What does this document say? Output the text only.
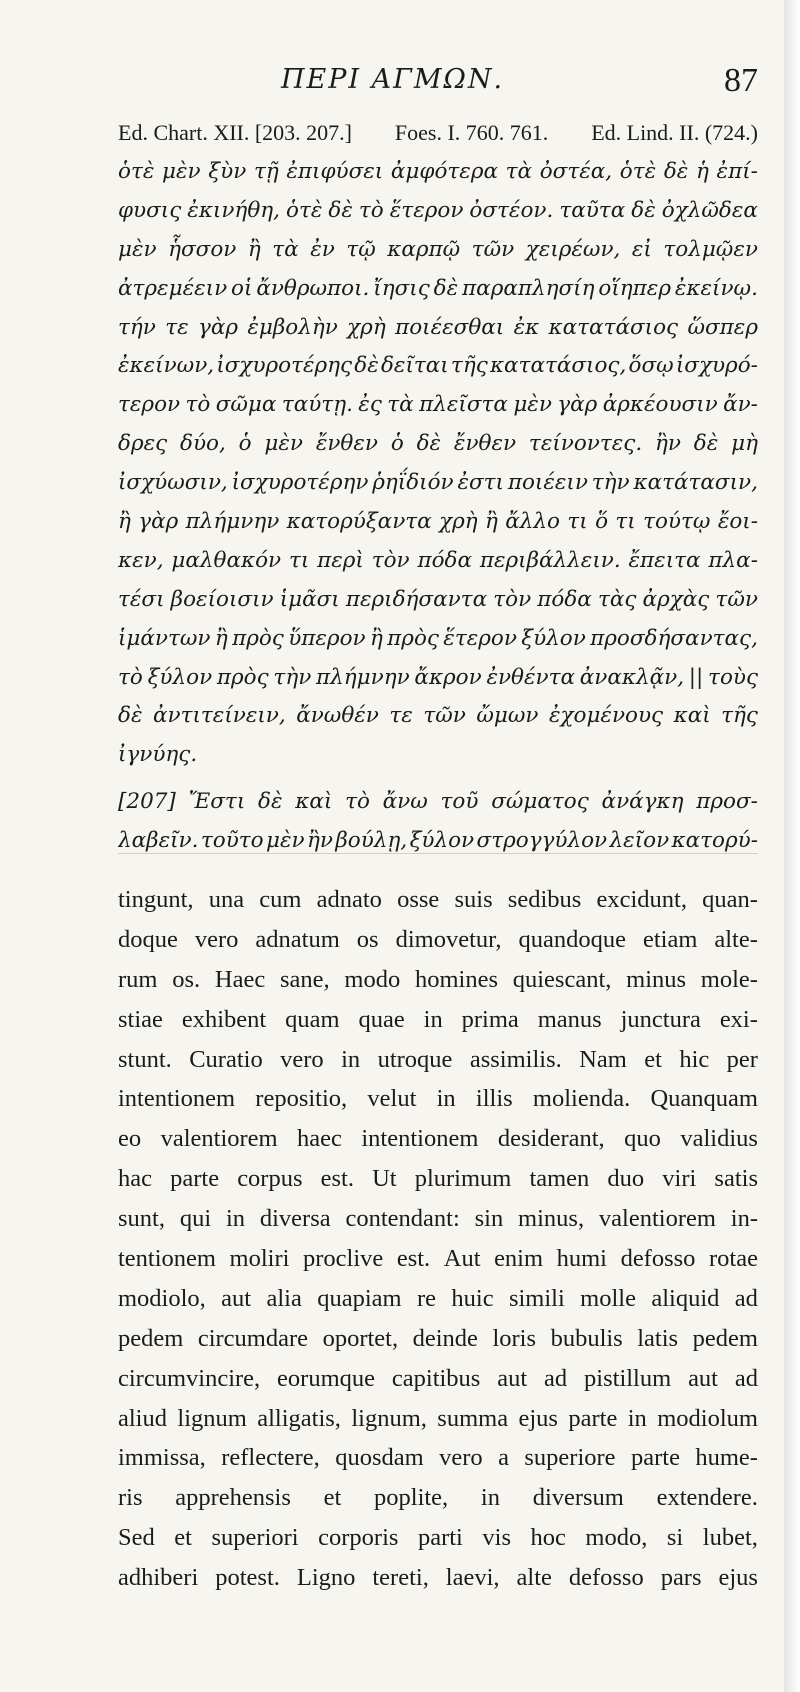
ΠΕΡΙ ΑΓΜΩΝ.	87
Ed. Chart. XII. [203. 207.] Foes. I. 760. 761. Ed. Lind. II. (724.)
ὁτὲ μὲν ξὺν τῇ ἐπιφύσει ἀμφότερα τὰ ὀστέα, ὁτὲ δὲ ἡ ἐπί-
φυσις ἐκινήθη, ὁτὲ δὲ τὸ ἕτερον ὀστέον. ταῦτα δὲ ὀχλῶδεα
μὲν ἧσσον ἢ τὰ ἐν τῷ καρπῷ τῶν χειρέων, εἰ τολμῷεν
ἀτρεμέειν οἱ ἄνθρωποι. ἴησις δὲ παραπλησίη οἵηπερ ἐκείνῳ.
τήν τε γὰρ ἐμβολὴν χρὴ ποιέεσθαι ἐκ κατατάσιος ὥσπερ
ἐκείνων, ἰσχυροτέρης δὲ δεῖται τῆς κατατάσιος, ὅσῳ ἰσχυρό-
τερον τὸ σῶμα ταύτῃ. ἐς τὰ πλεῖστα μὲν γὰρ ἀρκέουσιν ἄν-
δρες δύο, ὁ μὲν ἔνθεν ὁ δὲ ἔνθεν τείνοντες. ἢν δὲ μὴ
ἰσχύωσιν, ἰσχυροτέρην ῥηΐδιόν ἐστι ποιέειν τὴν κατάτασιν,
ἢ γὰρ πλήμνην κατορύξαντα χρὴ ἢ ἄλλο τι ὅ τι τούτῳ ἔοι-
κεν, μαλθακόν τι περὶ τὸν πόδα περιβάλλειν. ἔπειτα πλα-
τέσι βοείοισιν ἱμᾶσι περιδήσαντα τὸν πόδα τὰς ἀρχὰς τῶν
ἱμάντων ἢ πρὸς ὕπερον ἢ πρὸς ἕτερον ξύλον προσδήσαντας,
τὸ ξύλον πρὸς τὴν πλήμνην ἄκρον ἐνθέντα ἀνακλᾷν, || τοὺς
δὲ ἀντιτείνειν, ἄνωθέν τε τῶν ὤμων ἐχομένους καὶ τῆς
ἰγνύης.
[207] Ἔστι δὲ καὶ τὸ ἄνω τοῦ σώματος ἀνάγκη προσ-
λαβεῖν. τοῦτο μὲν ἢν βούλῃ, ξύλον στρογγύλον λεῖον κατορύ-
tingunt, una cum adnato osse suis sedibus excidunt, quan-
doque vero adnatum os dimovetur, quandoque etiam alte-
rum os. Haec sane, modo homines quiescant, minus mole-
stiae exhibent quam quae in prima manus junctura exi-
stunt. Curatio vero in utroque assimilis. Nam et hic per
intentionem repositio, velut in illis molienda. Quanquam
eo valentiorem haec intentionem desiderant, quo validius
hac parte corpus est. Ut plurimum tamen duo viri satis
sunt, qui in diversa contendant: sin minus, valentiorem in-
tentionem moliri proclive est. Aut enim humi defosso rotae
modiolo, aut alia quapiam re huic simili molle aliquid ad
pedem circumdare oportet, deinde loris bubulis latis pedem
circumvincire, eorumque capitibus aut ad pistillum aut ad
aliud lignum alligatis, lignum, summa ejus parte in modiolum
immissa, reflectere, quosdam vero a superiore parte hume-
ris apprehensis et poplite, in diversum extendere.
Sed et superiori corporis parti vis hoc modo, si lubet,
adhiberi potest. Ligno tereti, laevi, alte defosso pars ejus
